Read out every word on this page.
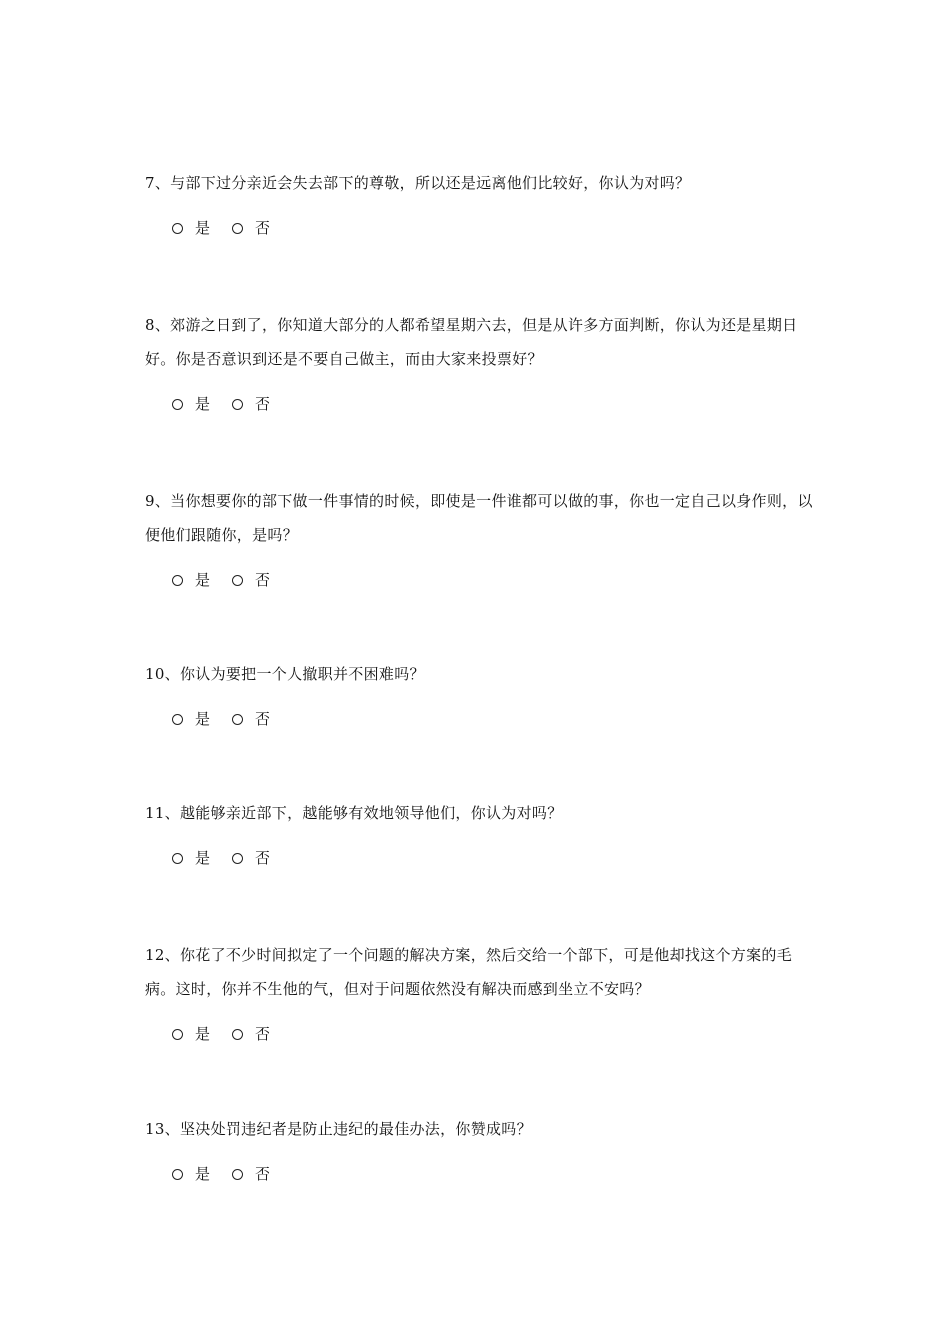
7、与部下过分亲近会失去部下的尊敬，所以还是远离他们比较好，你认为对吗？

是	否

8、郊游之日到了，你知道大部分的人都希望星期六去，但是从许多方面判断，你认为还是星期日好。你是否意识到还是不要自己做主，而由大家来投票好？

是	否

9、当你想要你的部下做一件事情的时候，即使是一件谁都可以做的事，你也一定自己以身作则，以便他们跟随你，是吗？

是	否

10、你认为要把一个人撤职并不困难吗？

是	否

11、越能够亲近部下，越能够有效地领导他们，你认为对吗？

是	否

12、你花了不少时间拟定了一个问题的解决方案，然后交给一个部下，可是他却找这个方案的毛病。这时，你并不生他的气，但对于问题依然没有解决而感到坐立不安吗？

是	否

13、坚决处罚违纪者是防止违纪的最佳办法，你赞成吗？

是	否
